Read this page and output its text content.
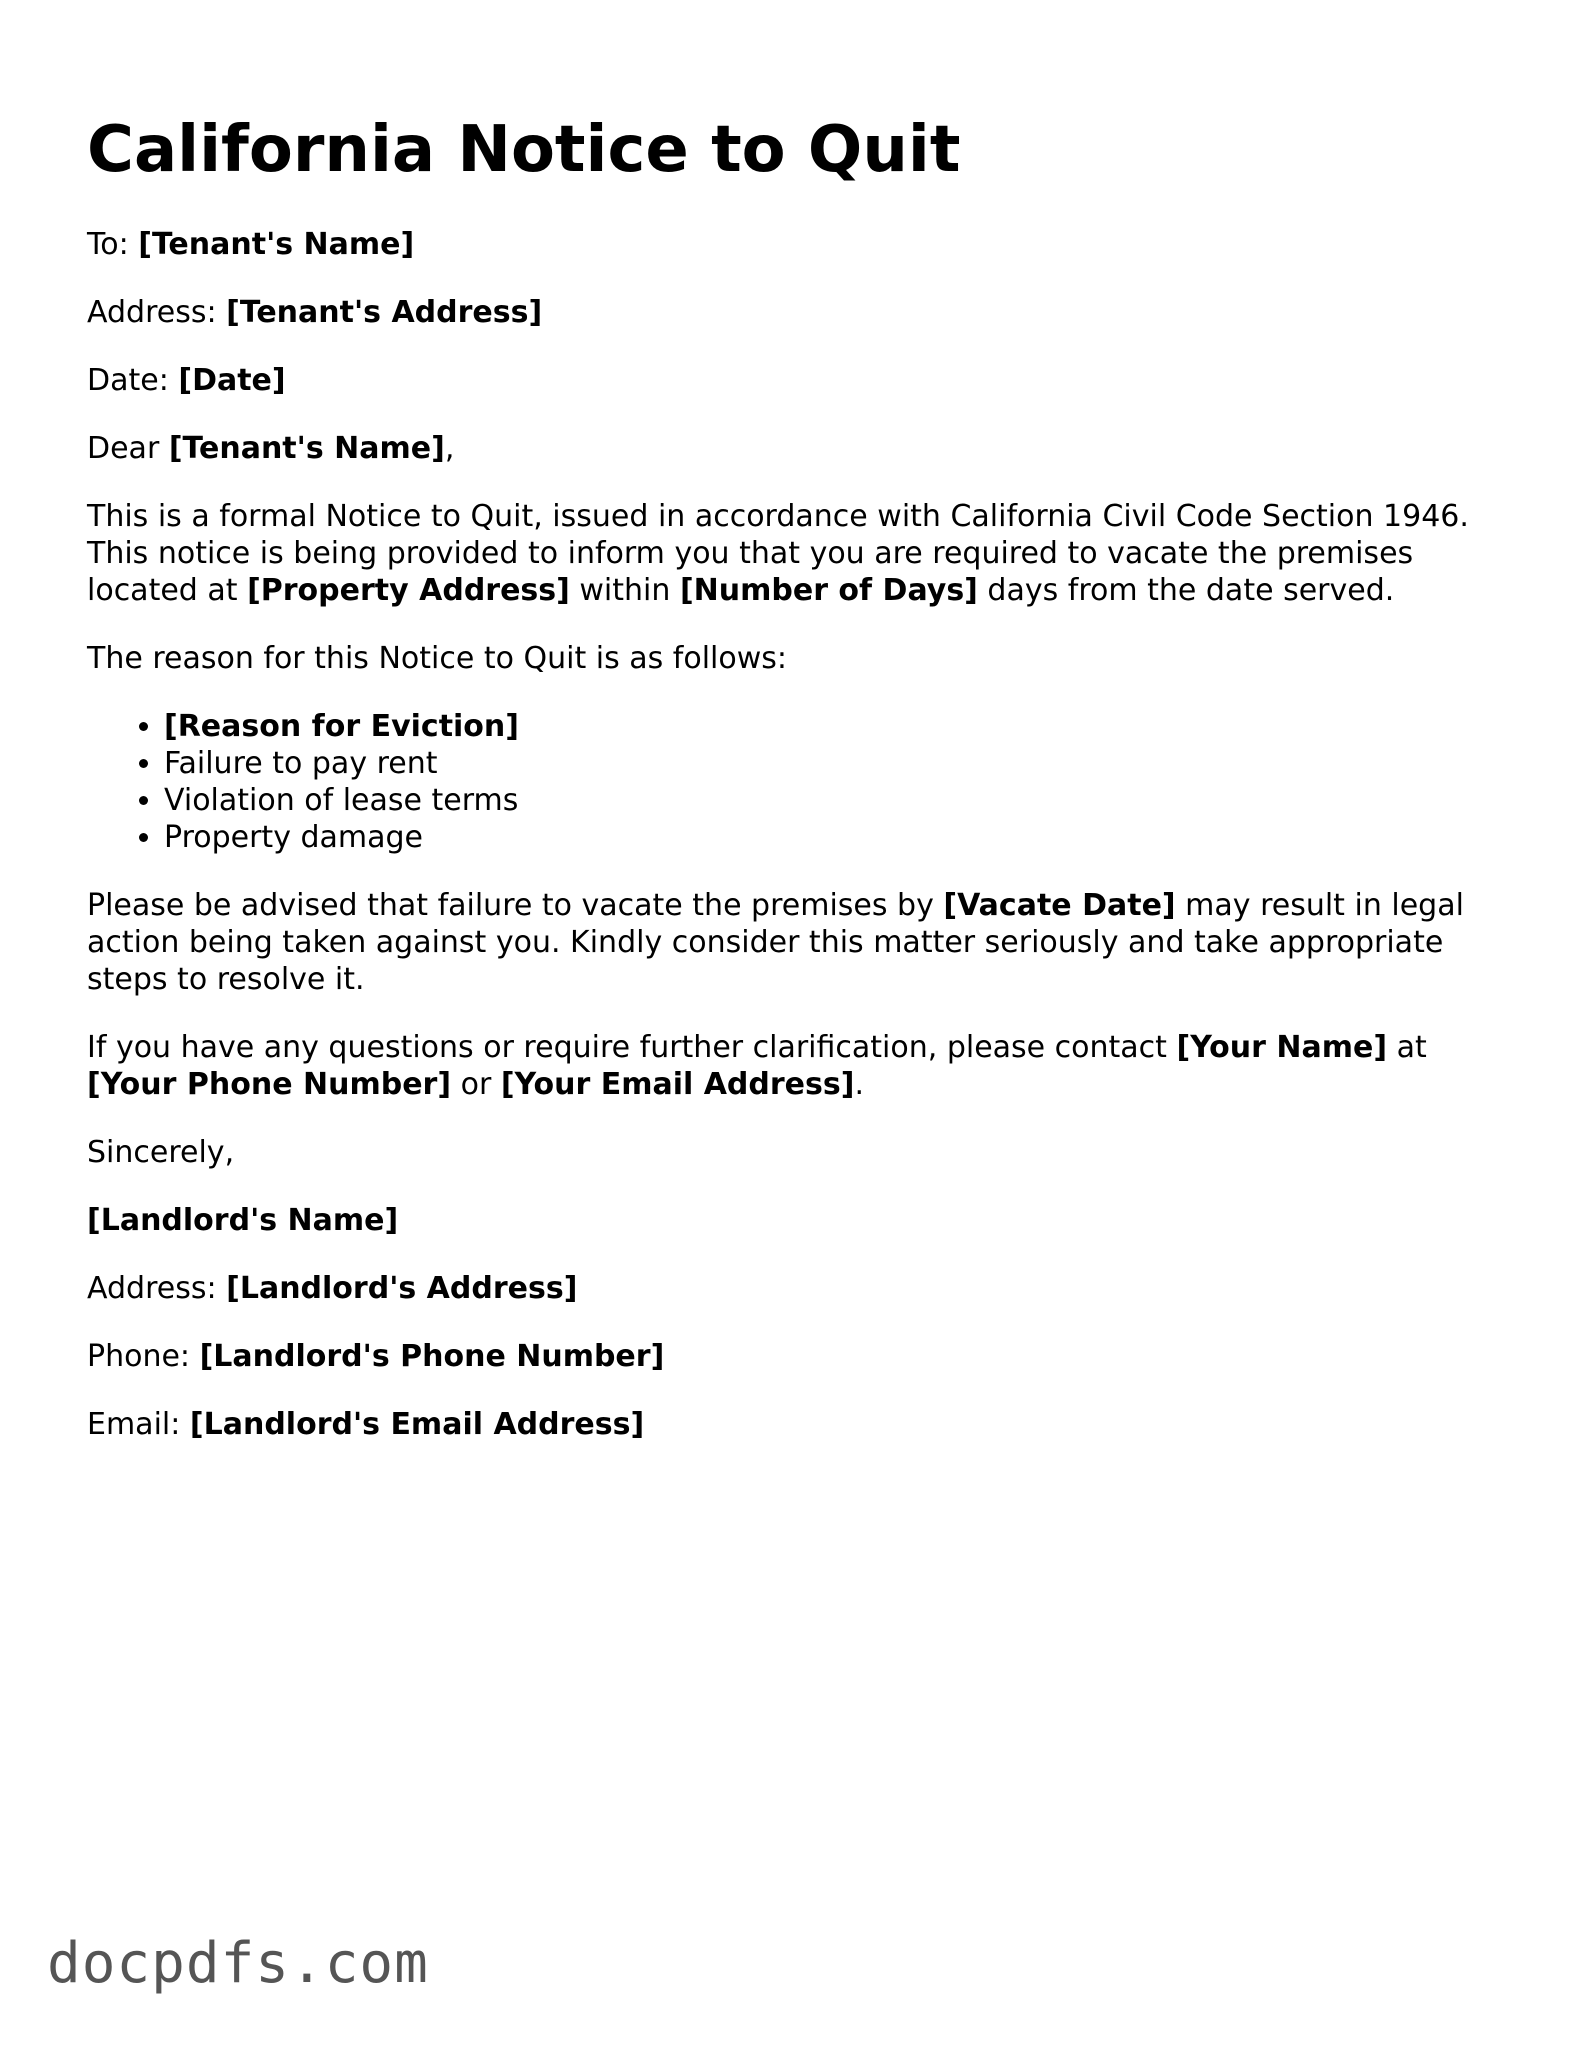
California Notice to Quit

To: [Tenant's Name]

Address: [Tenant's Address]

Date: [Date]

Dear [Tenant's Name],

This is a formal Notice to Quit, issued in accordance with California Civil Code Section 1946. This notice is being provided to inform you that you are required to vacate the premises located at [Property Address] within [Number of Days] days from the date served.

The reason for this Notice to Quit is as follows:

• [Reason for Eviction]
• Failure to pay rent
• Violation of lease terms
• Property damage

Please be advised that failure to vacate the premises by [Vacate Date] may result in legal action being taken against you. Kindly consider this matter seriously and take appropriate steps to resolve it.

If you have any questions or require further clarification, please contact [Your Name] at [Your Phone Number] or [Your Email Address].

Sincerely,

[Landlord's Name]

Address: [Landlord's Address]

Phone: [Landlord's Phone Number]

Email: [Landlord's Email Address]

docpdfs.com
